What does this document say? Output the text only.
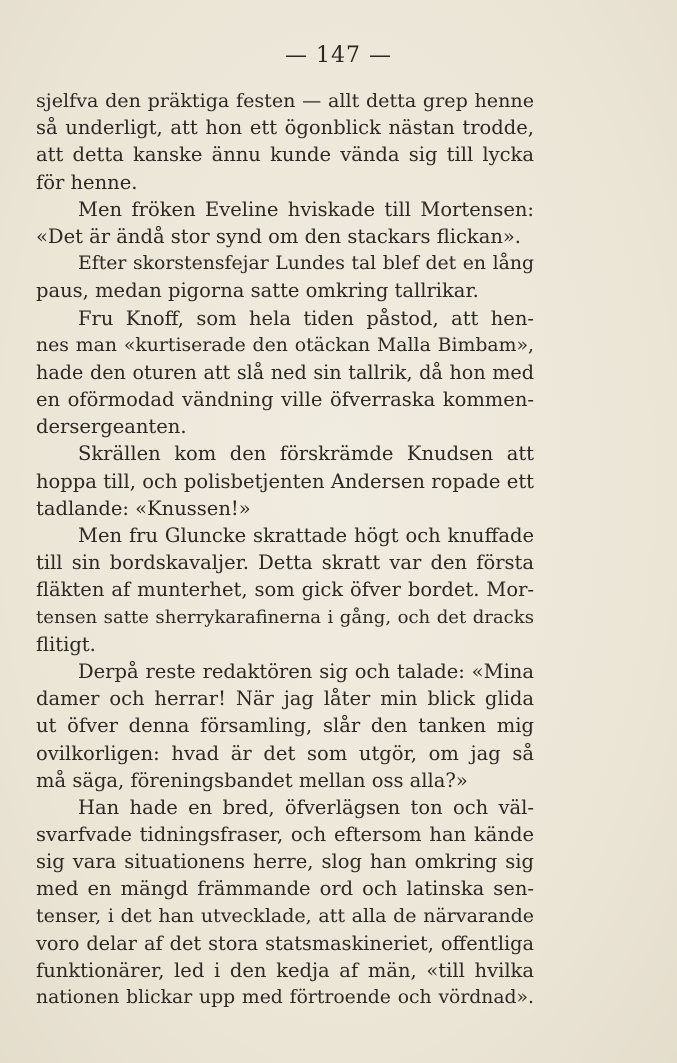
— 147 —
sjelfva den präktiga festen — allt detta grep henne
så underligt, att hon ett ögonblick nästan trodde,
att detta kanske ännu kunde vända sig till lycka
för henne.
Men fröken Eveline hviskade till Mortensen:
«Det är ändå stor synd om den stackars flickan».
Efter skorstensfejar Lundes tal blef det en lång
paus, medan pigorna satte omkring tallrikar.
Fru Knoff, som hela tiden påstod, att hen-
nes man «kurtiserade den otäckan Malla Bimbam»,
hade den oturen att slå ned sin tallrik, då hon med
en oförmodad vändning ville öfverraska kommen-
dersergeanten.
Skrällen kom den förskrämde Knudsen att
hoppa till, och polisbetjenten Andersen ropade ett
tadlande: «Knussen!»
Men fru Gluncke skrattade högt och knuffade
till sin bordskavaljer. Detta skratt var den första
fläkten af munterhet, som gick öfver bordet. Mor-
tensen satte sherrykarafinerna i gång, och det dracks
flitigt.
Derpå reste redaktören sig och talade: «Mina
damer och herrar! När jag låter min blick glida
ut öfver denna församling, slår den tanken mig
ovilkorligen: hvad är det som utgör, om jag så
må säga, föreningsbandet mellan oss alla?»
Han hade en bred, öfverlägsen ton och väl-
svarfvade tidningsfraser, och eftersom han kände
sig vara situationens herre, slog han omkring sig
med en mängd främmande ord och latinska sen-
tenser, i det han utvecklade, att alla de närvarande
voro delar af det stora statsmaskineriet, offentliga
funktionärer, led i den kedja af män, «till hvilka
nationen blickar upp med förtroende och vördnad».
